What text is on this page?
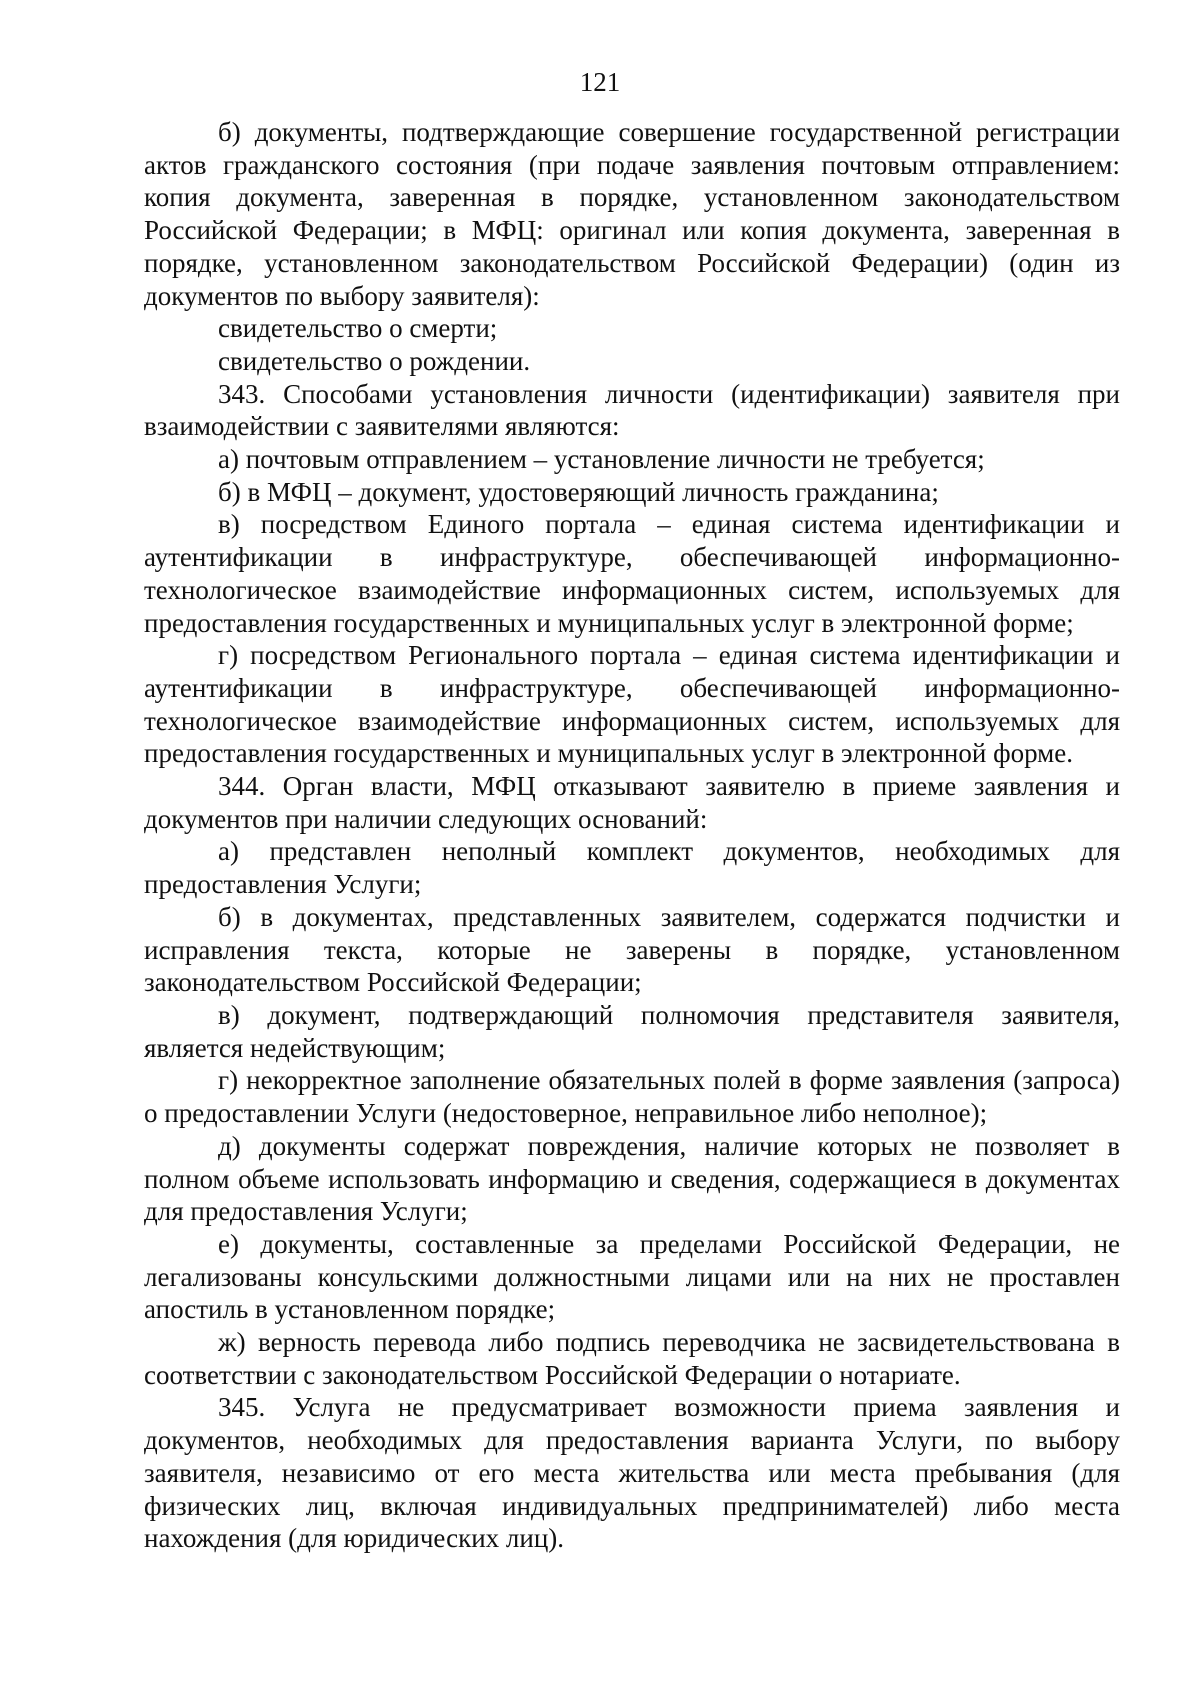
121

б) документы, подтверждающие совершение государственной регистрации актов гражданского состояния (при подаче заявления почтовым отправлением: копия документа, заверенная в порядке, установленном законодательством Российской Федерации; в МФЦ: оригинал или копия документа, заверенная в порядке, установленном законодательством Российской Федерации) (один из документов по выбору заявителя):

свидетельство о смерти;

свидетельство о рождении.

343. Способами установления личности (идентификации) заявителя при взаимодействии с заявителями являются:

а) почтовым отправлением – установление личности не требуется;

б) в МФЦ – документ, удостоверяющий личность гражданина;

в) посредством Единого портала – единая система идентификации и аутентификации в инфраструктуре, обеспечивающей информационно-технологическое взаимодействие информационных систем, используемых для предоставления государственных и муниципальных услуг в электронной форме;

г) посредством Регионального портала – единая система идентификации и аутентификации в инфраструктуре, обеспечивающей информационно-технологическое взаимодействие информационных систем, используемых для предоставления государственных и муниципальных услуг в электронной форме.

344. Орган власти, МФЦ отказывают заявителю в приеме заявления и документов при наличии следующих оснований:

а) представлен неполный комплект документов, необходимых для предоставления Услуги;

б) в документах, представленных заявителем, содержатся подчистки и исправления текста, которые не заверены в порядке, установленном законодательством Российской Федерации;

в) документ, подтверждающий полномочия представителя заявителя, является недействующим;

г) некорректное заполнение обязательных полей в форме заявления (запроса) о предоставлении Услуги (недостоверное, неправильное либо неполное);

д) документы содержат повреждения, наличие которых не позволяет в полном объеме использовать информацию и сведения, содержащиеся в документах для предоставления Услуги;

е) документы, составленные за пределами Российской Федерации, не легализованы консульскими должностными лицами или на них не проставлен апостиль в установленном порядке;

ж) верность перевода либо подпись переводчика не засвидетельствована в соответствии с законодательством Российской Федерации о нотариате.

345. Услуга не предусматривает возможности приема заявления и документов, необходимых для предоставления варианта Услуги, по выбору заявителя, независимо от его места жительства или места пребывания (для физических лиц, включая индивидуальных предпринимателей) либо места нахождения (для юридических лиц).
